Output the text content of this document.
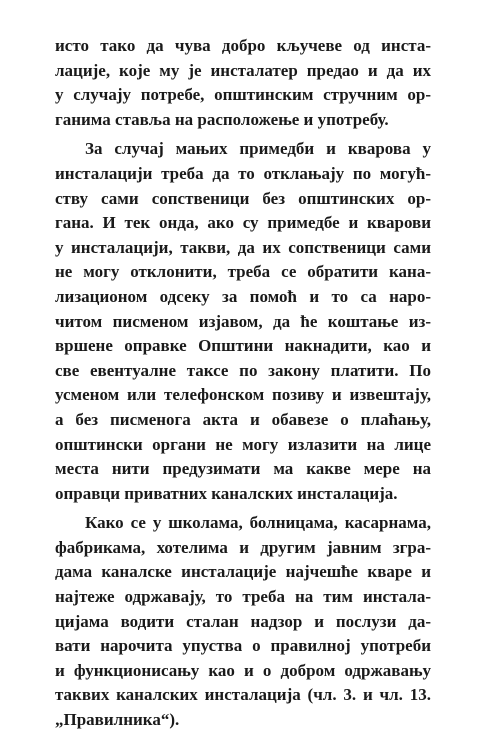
исто тако да чува добро кључеве од инста-
лације, које му је инсталатер предао и да их
у случају потребе, општинским стручним ор-
ганима ставља на расположење и употребу.
За случај мањих примедби и кварова у
инсталацији треба да то отклањају по могућ-
ству сами сопственици без општинских ор-
гана. И тек онда, ако су примедбе и кварови
у инсталацији, такви, да их сопственици сами
не могу отклонити, треба се обратити кана-
лизационом одсеку за помоћ и то са наро-
читом писменом изјавом, да ће коштање из-
вршене оправке Општини накнадити, као и
све евентуалне таксе по закону платити. По
усменом или телефонском позиву и извештају,
а без писменога акта и обавезе о плаћању,
општински органи не могу излазити на лице
места нити предузимати ма какве мере на
оправци приватних каналских инсталација.
Како се у школама, болницама, касарнама,
фабрикама, хотелима и другим јавним згра-
дама каналске инсталације најчешће кваре и
најтеже одржавају, то треба на тим инстала-
цијама водити сталан надзор и послузи да-
вати нарочита упуства о правилној употреби
и функционисању као и о добром одржавању
таквих каналских инсталација (чл. 3. и чл. 13.
„Правилника“).
